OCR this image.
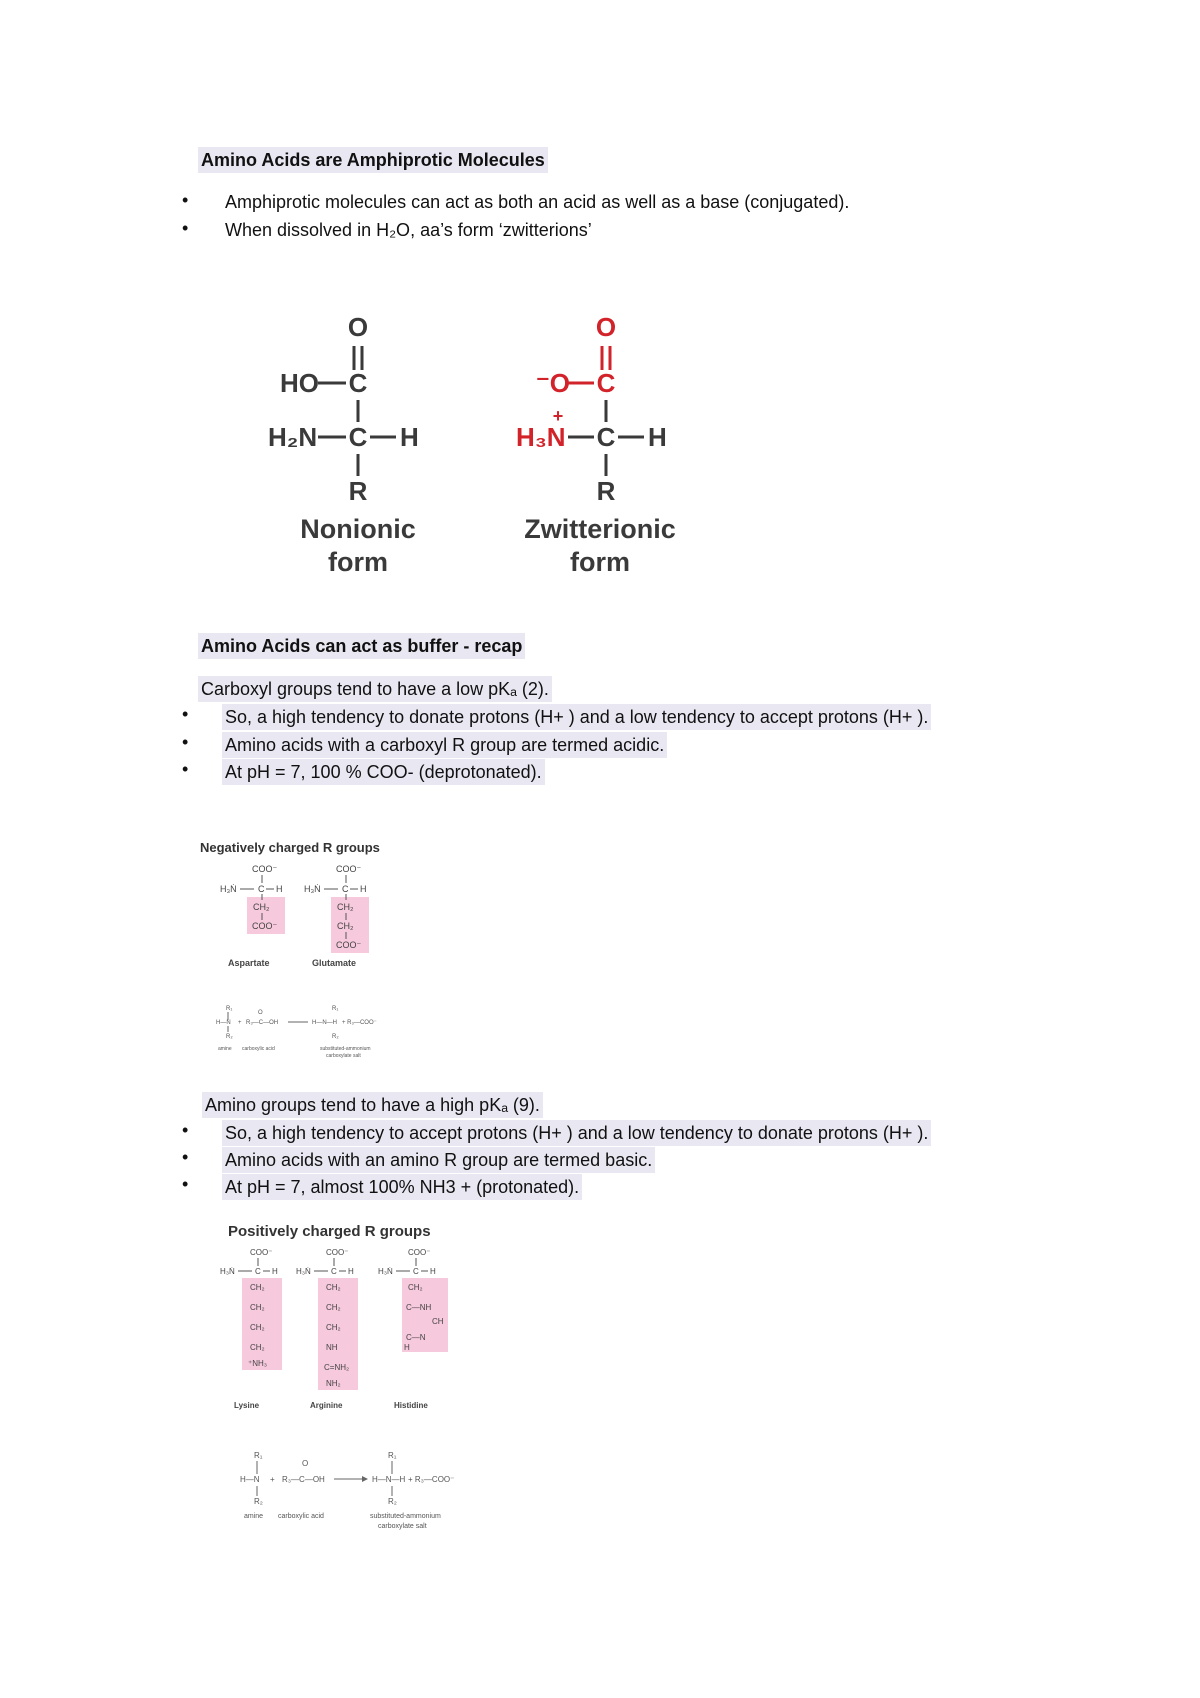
Amino Acids are Amphiprotic Molecules
• Amphiprotic molecules can act as both an acid as well as a base (conjugated).
• When dissolved in H₂O, aa’s form ‘zwitterions’
O
HO C
H₂N C H
R
Nonionic
form
O
⁻O C
+
H₃N C H
R
Zwitterionic
form
Amino Acids can act as buffer - recap
Carboxyl groups tend to have a low pKₐ (2).
• So, a high tendency to donate protons (H+ ) and a low tendency to accept protons (H+ ).
• Amino acids with a carboxyl R group are termed acidic.
• At pH = 7, 100 % COO- (deprotonated).
Negatively charged R groups
COO⁻
H₃Ṅ C H
CH₂
COO⁻
Aspartate
COO⁻
H₃Ṅ C H
CH₂
CH₂
COO⁻
Glutamate
R₁
H—N +
O
R₃—C—OH
R₂
R₁
H—N—H + R₃—COO⁻
R₂
amine carboxylic acid	substituted-ammonium
carboxylate salt
Amino groups tend to have a high pKₐ (9).
• So, a high tendency to accept protons (H+ ) and a low tendency to donate protons (H+ ).
• Amino acids with an amino R group are termed basic.
• At pH = 7, almost 100% NH3 + (protonated).
Positively charged R groups
COO⁻
H₃Ṅ	C H
CH₂
CH₂
CH₂
CH₂
⁺NH₃
Lysine
COO⁻
H₃Ṅ	C H
CH₂
CH₂
CH₂
NH
C=NH₂
NH₂
Arginine
COO⁻
H₃Ṅ	C H
CH₂
C—NH
CH
C—N
H
Histidine
R₁
H—N +
O
R₃—C—OH
R₂
R₁
H—N—H + R₃—COO⁻
R₂
amine carboxylic acid	substituted-ammonium
carboxylate salt
